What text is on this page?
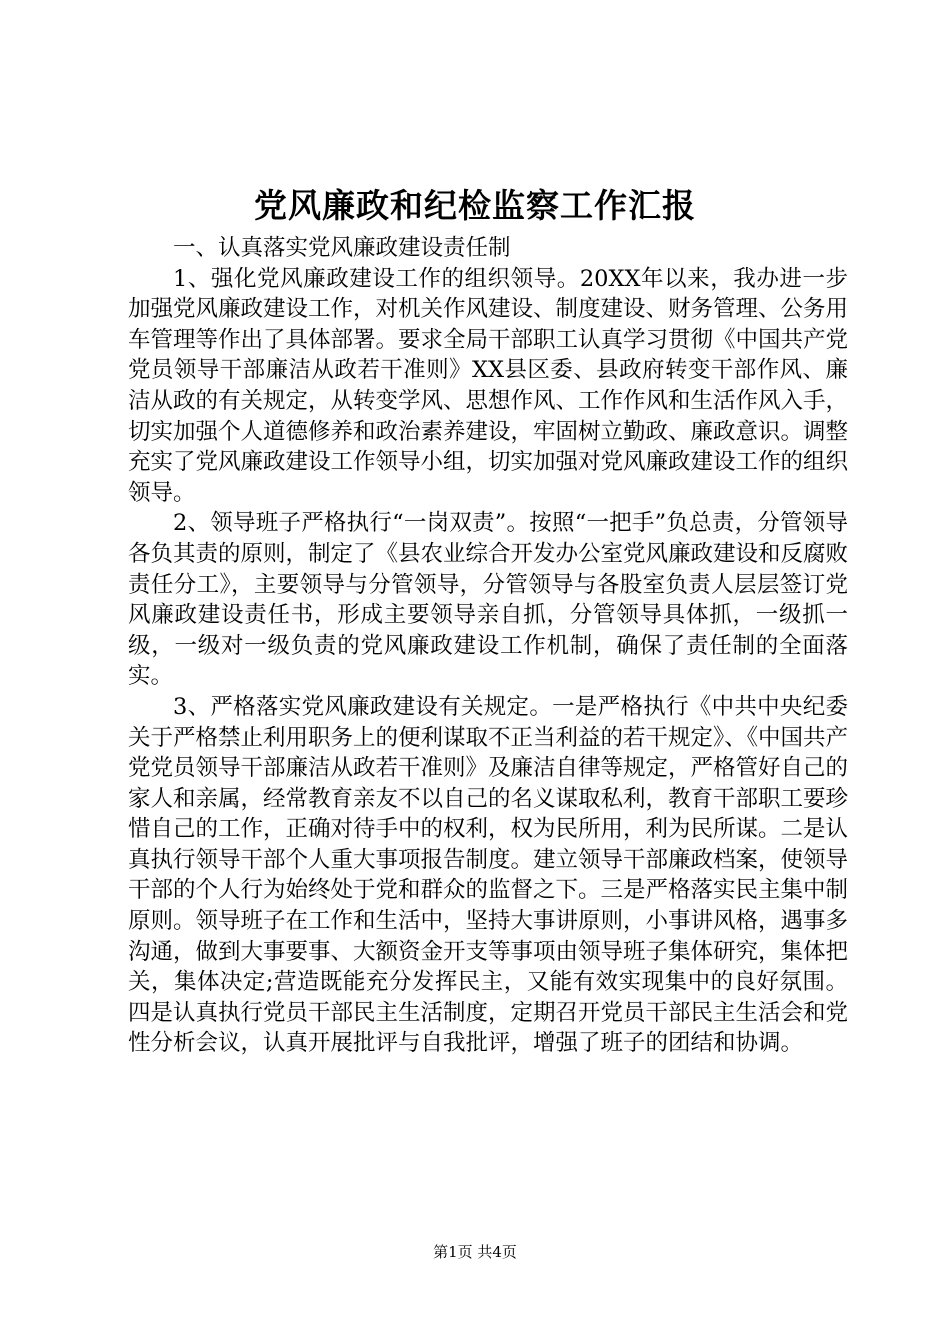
党风廉政和纪检监察工作汇报

一、认真落实党风廉政建设责任制

1、强化党风廉政建设工作的组织领导。20XX年以来，我办进一步加强党风廉政建设工作，对机关作风建设、制度建设、财务管理、公务用车管理等作出了具体部署。要求全局干部职工认真学习贯彻《中国共产党党员领导干部廉洁从政若干准则》XX县区委、县政府转变干部作风、廉洁从政的有关规定，从转变学风、思想作风、工作作风和生活作风入手，切实加强个人道德修养和政治素养建设，牢固树立勤政、廉政意识。调整充实了党风廉政建设工作领导小组，切实加强对党风廉政建设工作的组织领导。

2、领导班子严格执行“一岗双责”。按照“一把手”负总责，分管领导各负其责的原则，制定了《县农业综合开发办公室党风廉政建设和反腐败责任分工》，主要领导与分管领导，分管领导与各股室负责人层层签订党风廉政建设责任书，形成主要领导亲自抓，分管领导具体抓，一级抓一级，一级对一级负责的党风廉政建设工作机制，确保了责任制的全面落实。

3、严格落实党风廉政建设有关规定。一是严格执行《中共中央纪委关于严格禁止利用职务上的便利谋取不正当利益的若干规定》、《中国共产党党员领导干部廉洁从政若干准则》及廉洁自律等规定，严格管好自己的家人和亲属，经常教育亲友不以自己的名义谋取私利，教育干部职工要珍惜自己的工作，正确对待手中的权利，权为民所用，利为民所谋。二是认真执行领导干部个人重大事项报告制度。建立领导干部廉政档案，使领导干部的个人行为始终处于党和群众的监督之下。三是严格落实民主集中制原则。领导班子在工作和生活中，坚持大事讲原则，小事讲风格，遇事多沟通，做到大事要事、大额资金开支等事项由领导班子集体研究，集体把关，集体决定;营造既能充分发挥民主，又能有效实现集中的良好氛围。四是认真执行党员干部民主生活制度，定期召开党员干部民主生活会和党性分析会议，认真开展批评与自我批评，增强了班子的团结和协调。

第1页 共4页
